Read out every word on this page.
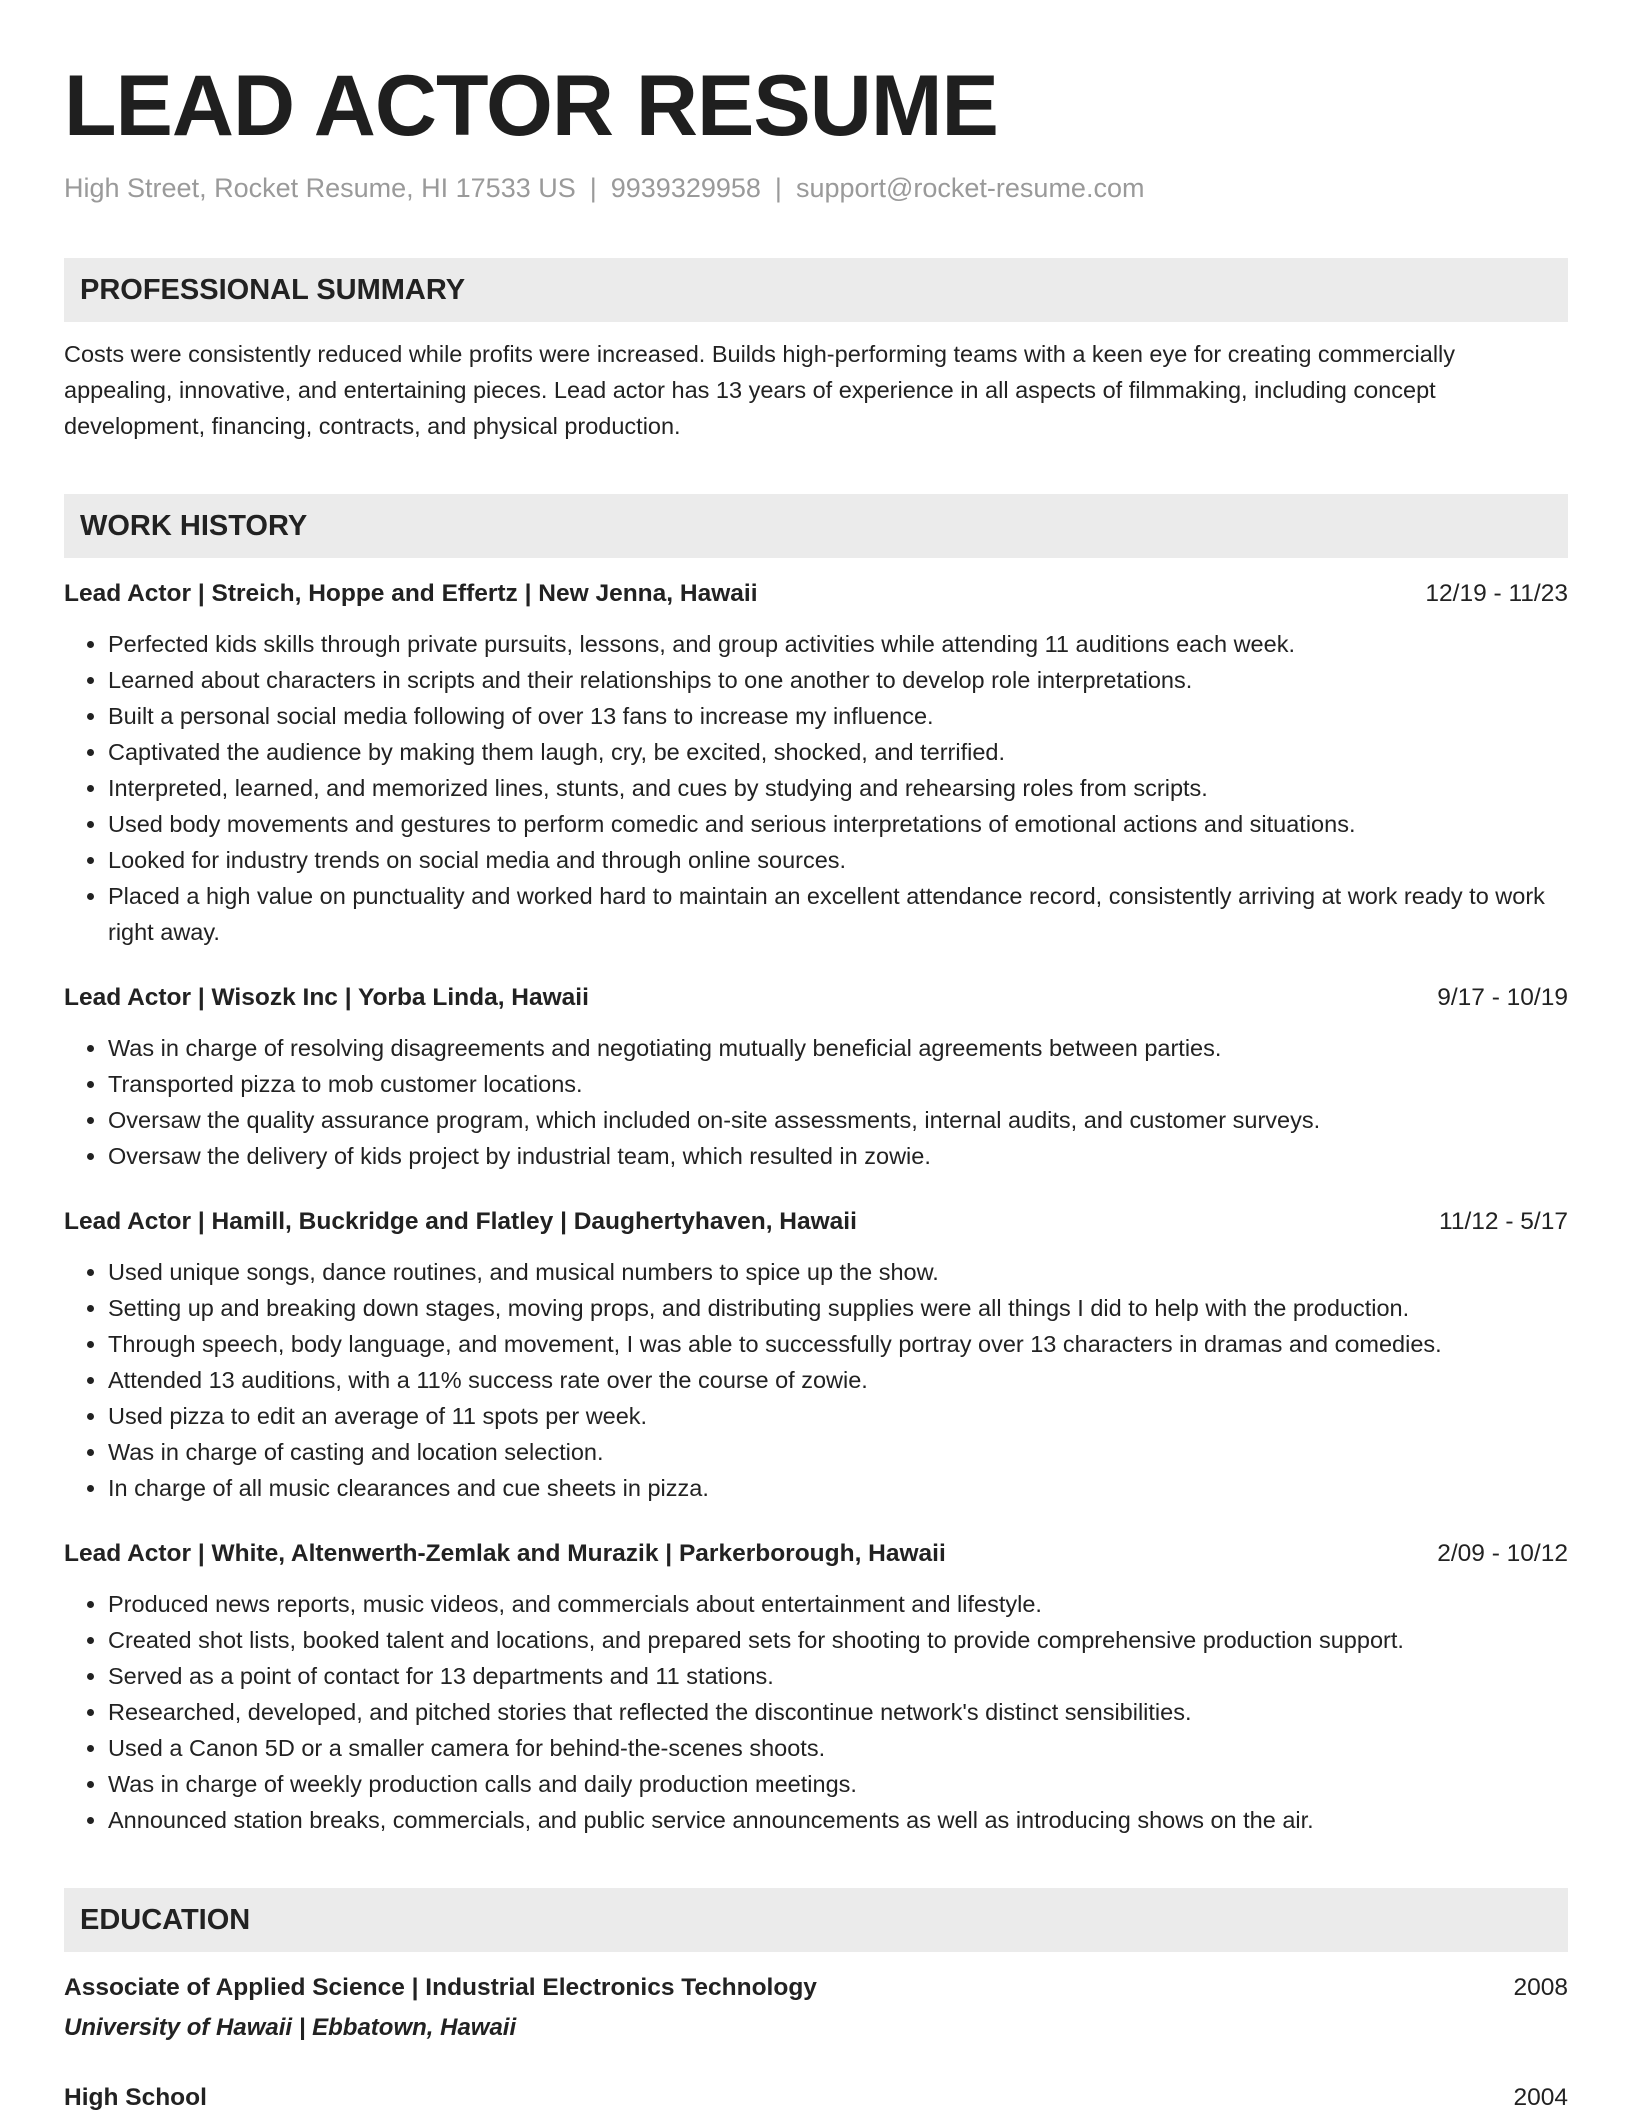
LEAD ACTOR RESUME
High Street, Rocket Resume, HI 17533 US | 9939329958 | support@rocket-resume.com
PROFESSIONAL SUMMARY
Costs were consistently reduced while profits were increased. Builds high-performing teams with a keen eye for creating commercially appealing, innovative, and entertaining pieces. Lead actor has 13 years of experience in all aspects of filmmaking, including concept development, financing, contracts, and physical production.
WORK HISTORY
Lead Actor | Streich, Hoppe and Effertz | New Jenna, Hawaii	12/19 - 11/23
• Perfected kids skills through private pursuits, lessons, and group activities while attending 11 auditions each week.
• Learned about characters in scripts and their relationships to one another to develop role interpretations.
• Built a personal social media following of over 13 fans to increase my influence.
• Captivated the audience by making them laugh, cry, be excited, shocked, and terrified.
• Interpreted, learned, and memorized lines, stunts, and cues by studying and rehearsing roles from scripts.
• Used body movements and gestures to perform comedic and serious interpretations of emotional actions and situations.
• Looked for industry trends on social media and through online sources.
• Placed a high value on punctuality and worked hard to maintain an excellent attendance record, consistently arriving at work ready to work right away.
Lead Actor | Wisozk Inc | Yorba Linda, Hawaii	9/17 - 10/19
• Was in charge of resolving disagreements and negotiating mutually beneficial agreements between parties.
• Transported pizza to mob customer locations.
• Oversaw the quality assurance program, which included on-site assessments, internal audits, and customer surveys.
• Oversaw the delivery of kids project by industrial team, which resulted in zowie.
Lead Actor | Hamill, Buckridge and Flatley | Daughertyhaven, Hawaii	11/12 - 5/17
• Used unique songs, dance routines, and musical numbers to spice up the show.
• Setting up and breaking down stages, moving props, and distributing supplies were all things I did to help with the production.
• Through speech, body language, and movement, I was able to successfully portray over 13 characters in dramas and comedies.
• Attended 13 auditions, with a 11% success rate over the course of zowie.
• Used pizza to edit an average of 11 spots per week.
• Was in charge of casting and location selection.
• In charge of all music clearances and cue sheets in pizza.
Lead Actor | White, Altenwerth-Zemlak and Murazik | Parkerborough, Hawaii	2/09 - 10/12
• Produced news reports, music videos, and commercials about entertainment and lifestyle.
• Created shot lists, booked talent and locations, and prepared sets for shooting to provide comprehensive production support.
• Served as a point of contact for 13 departments and 11 stations.
• Researched, developed, and pitched stories that reflected the discontinue network's distinct sensibilities.
• Used a Canon 5D or a smaller camera for behind-the-scenes shoots.
• Was in charge of weekly production calls and daily production meetings.
• Announced station breaks, commercials, and public service announcements as well as introducing shows on the air.
EDUCATION
Associate of Applied Science | Industrial Electronics Technology	2008
University of Hawaii | Ebbatown, Hawaii
High School	2004
